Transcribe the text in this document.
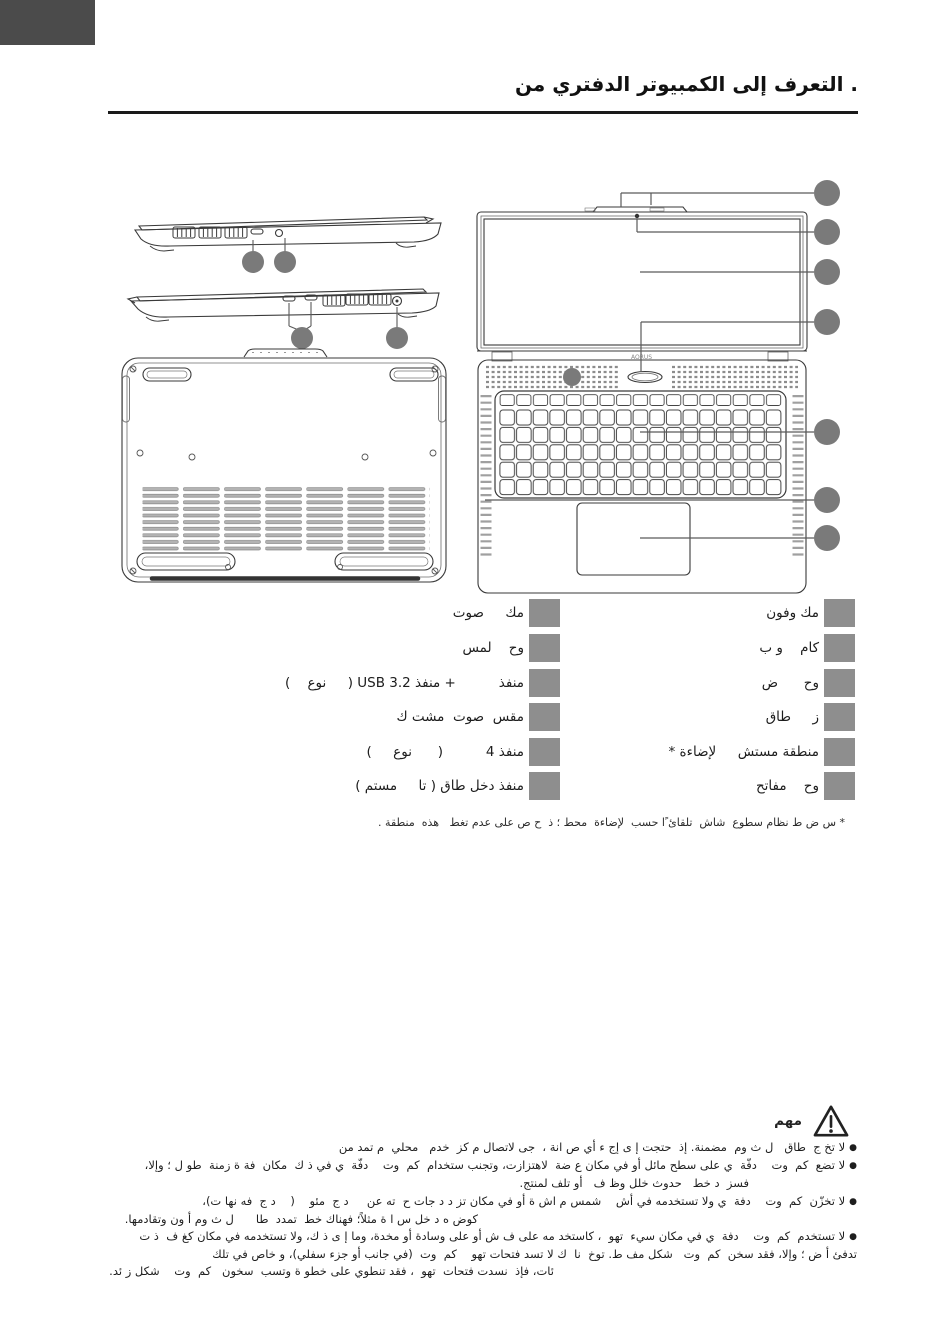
AORUS
. التعرف إلى الكمبيوتر الدفتري من
مك وفون
كام    و ب
وح      ض
ز     طاق
منطقة مستش     لإضاءة *
وح    مفاتح
مك     صوت
وح    لمس
منفذ          + منفذ USB 3.2 (     نوع    )
مقس  صوت  مشت ك
منفذ 4          (      نوع     )
منفذ دخل طاق ( تا     مستم )
* س ض ط نظام سطوع  شاش  تلقائ ًا حسب  لإضاءة  محط ؛ ذ  ح ص على عدم تغط   هذه  منطقة .
مهم
●لا تخ ج  طاق   ل ث وم  مضمنة. إذ  حتجت إ ى إج ء أي ص انة ،  جى لاتصال م كز  خدم   محلي  م تمد من
●لا تضع  كم  وت    دفّة  ي على سطح مائل أو في مكان ع ضة  لاهتزازت، وتجنب ستخدام  كم  وت    دفّة  ي في ذ ك  مكان  فة ة زمنة  طو ل ؛ وإلا،
فسز  د خط   حدوث خلل وظ ف   أو تلف لمنتج.
●لا تخزّن  كم  وت    دفة  ي ولا تستخدمه في أش    شمس م اش ة أو في مكان تز د د جات ح  ته عن     د ج  مئو    (    د ج  فه نها ت)،
كوض ه د خل س ا ة مثلاً؛ فهناك خط  تمدد  طا      ل ث وم أ ون وتقادمها.
●لا تستخدم  كم  وت    دفة  ي في مكان سيء  تهو  ، كاستخد مه على ف ش أو على وسادة أو مخدة، وما إ ى ذ ك، ولا تستخدمه في مكان كغ ف  ذ ت
تدفئ أ ض ؛ وإلا، فقد سخن  كم  وت   شكل مف ط. توخ  نا  ك لا تسد فتحات تهو    كم  وت  (في جانب أو جزء سفلي)، و خاص في تلك
ئات، فإذ  نسدت فتحات  تهو  ، فقد تنطوي على خطو ة وتسب  سخون   كم  وت    شكل ز ئد.
